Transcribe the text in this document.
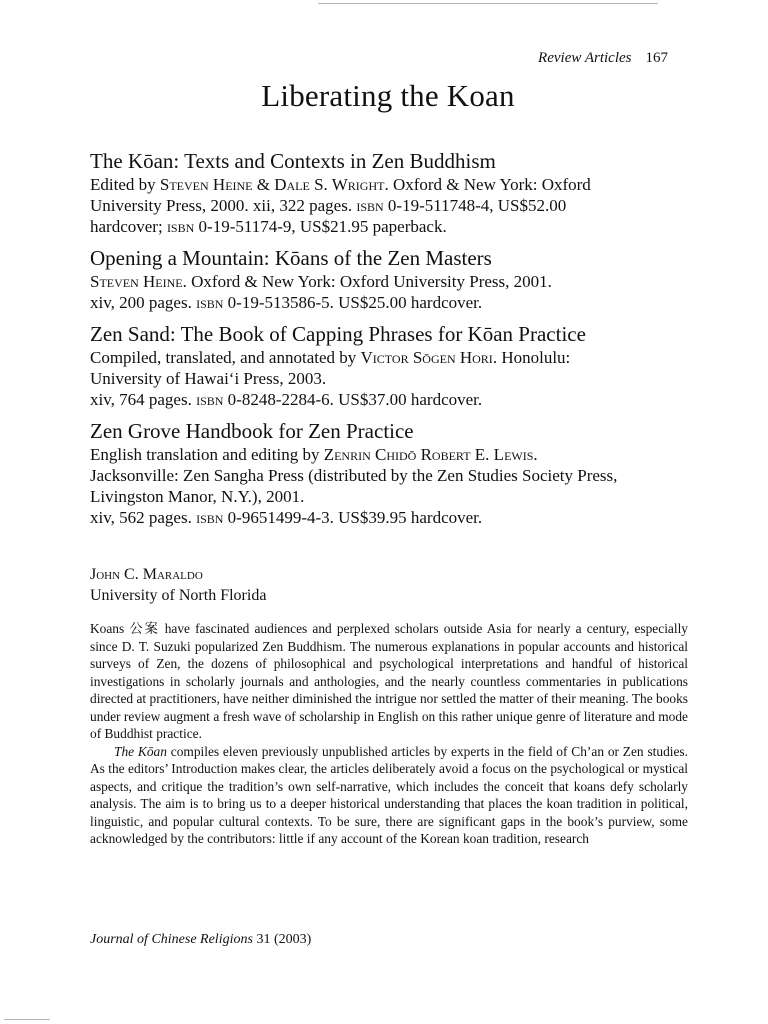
Review Articles 167
Liberating the Koan
The Kōan: Texts and Contexts in Zen Buddhism
Edited by Steven Heine & Dale S. Wright. Oxford & New York: Oxford
University Press, 2000. xii, 322 pages. isbn 0-19-511748-4, US$52.00
hardcover; isbn 0-19-51174-9, US$21.95 paperback.
Opening a Mountain: Kōans of the Zen Masters
Steven Heine. Oxford & New York: Oxford University Press, 2001.
xiv, 200 pages. isbn 0-19-513586-5. US$25.00 hardcover.
Zen Sand: The Book of Capping Phrases for Kōan Practice
Compiled, translated, and annotated by Victor Sōgen Hori. Honolulu:
University of Hawai‘i Press, 2003.
xiv, 764 pages. isbn 0-8248-2284-6. US$37.00 hardcover.
Zen Grove Handbook for Zen Practice
English translation and editing by Zenrin Chidō Robert E. Lewis.
Jacksonville: Zen Sangha Press (distributed by the Zen Studies Society Press,
Livingston Manor, N.Y.), 2001.
xiv, 562 pages. isbn 0-9651499-4-3. US$39.95 hardcover.
John C. Maraldo
University of North Florida

Koans 公案 have fascinated audiences and perplexed scholars outside Asia for nearly a century, especially since D. T. Suzuki popularized Zen Buddhism. The numerous explanations in popular accounts and historical surveys of Zen, the dozens of philosophical and psychological interpretations and handful of historical investigations in scholarly journals and anthologies, and the nearly countless commentaries in publications directed at practitioners, have neither diminished the intrigue nor settled the matter of their meaning. The books under review augment a fresh wave of scholarship in English on this rather unique genre of literature and mode of Buddhist practice.

The Kōan compiles eleven previously unpublished articles by experts in the field of Ch’an or Zen studies. As the editors’ Introduction makes clear, the articles deliberately avoid a focus on the psychological or mystical aspects, and critique the tradition’s own self-narrative, which includes the conceit that koans defy scholarly analysis. The aim is to bring us to a deeper historical understanding that places the koan tradition in political, linguistic, and popular cultural contexts. To be sure, there are significant gaps in the book’s purview, some acknowledged by the contributors: little if any account of the Korean koan tradition, research

Journal of Chinese Religions 31 (2003)
